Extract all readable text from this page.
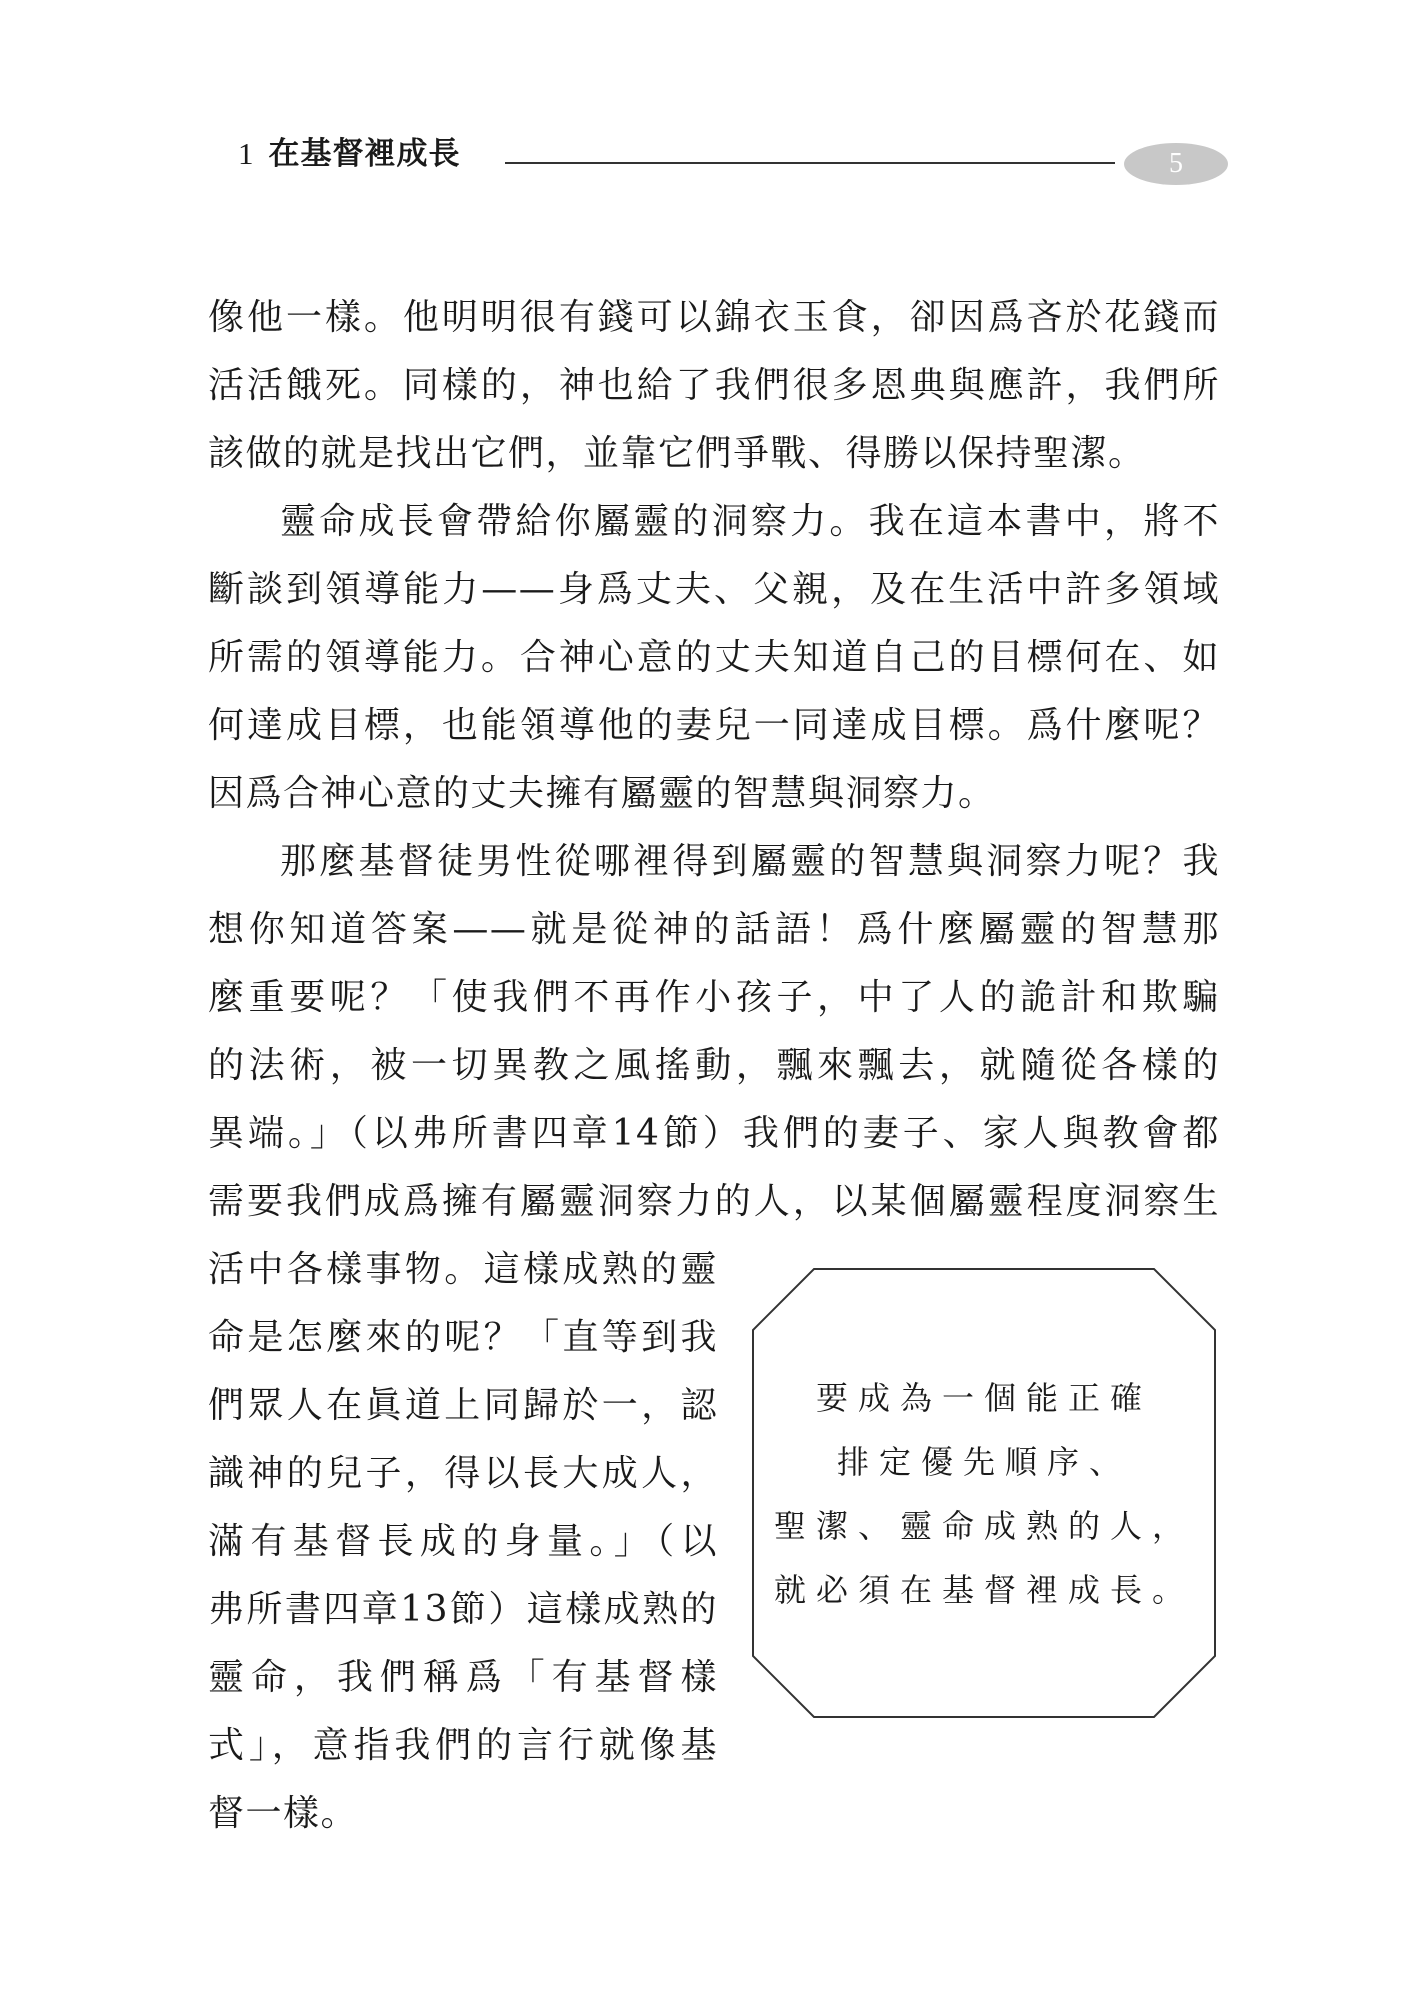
1 在基督裡成長	5

像他一樣。他明明很有錢可以錦衣玉食，卻因爲吝於花錢而
活活餓死。同樣的，神也給了我們很多恩典與應許，我們所
該做的就是找出它們，並靠它們爭戰、得勝以保持聖潔。

靈命成長會帶給你屬靈的洞察力。我在這本書中，將不
斷談到領導能力——身爲丈夫、父親，及在生活中許多領域
所需的領導能力。合神心意的丈夫知道自己的目標何在、如
何達成目標，也能領導他的妻兒一同達成目標。爲什麼呢？
因爲合神心意的丈夫擁有屬靈的智慧與洞察力。

那麼基督徒男性從哪裡得到屬靈的智慧與洞察力呢？我
想你知道答案——就是從神的話語！爲什麼屬靈的智慧那
麼重要呢？「使我們不再作小孩子，中了人的詭計和欺騙
的法術，被一切異教之風搖動，飄來飄去，就隨從各樣的
異端。」（以弗所書四章14節）我們的妻子、家人與教會都
需要我們成爲擁有屬靈洞察力的人，以某個屬靈程度洞察生

活中各樣事物。這樣成熟的靈
命是怎麼來的呢？「直等到我
們眾人在眞道上同歸於一，認
識神的兒子，得以長大成人，
滿有基督長成的身量。」（以
弗所書四章13節）這樣成熟的
靈命，我們稱爲「有基督樣
式」，意指我們的言行就像基
督一樣。
要成為一個能正確
排定優先順序、
聖潔、靈命成熟的人，
就必須在基督裡成長。
